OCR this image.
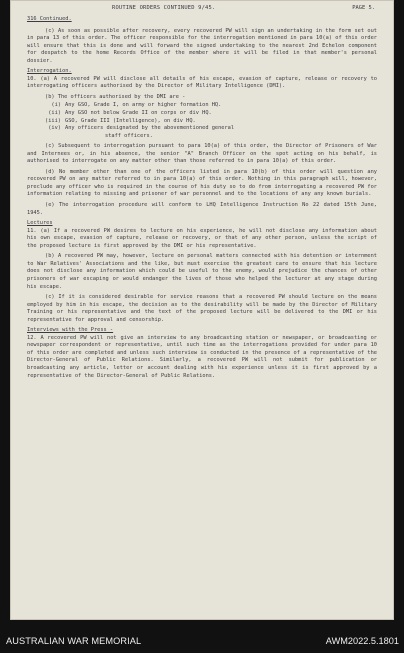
ROUTINE ORDERS CONTINUED 9/45.	PAGE 5.
316 Continued.

(c) As soon as possible after recovery, every recovered PW will sign an undertaking in the form set out in para 13 of this order. The officer responsible for the interrogation mentioned in para 10(a) of this order will ensure that this is done and will forward the signed undertaking to the nearest 2nd Echelon component for despatch to the home Records Office of the member where it will be filed in that member's personal dossier.

Interrogation.

10. (a) A recovered PW will disclose all details of his escape, evasion of capture, release or recovery to interrogating officers authorised by the Director of Military Intelligence (DMI).

(b) The officers authorised by the DMI are -

(i) Any GSO, Grade I, on army or higher formation HQ.
(ii) Any GSO not below Grade II on corps or div HQ.
(iii) GSO, Grade III (Intelligence), on div HQ.
(iv) Any officers designated by the abovementioned general
staff officers.

(c) Subsequent to interrogation pursuant to para 10(a) of this order, the Director of Prisoners of War and Internees or, in his absence, the senior "A" Branch Officer on the spot acting on his behalf, is authorised to interrogate on any matter other than those referred to in para 10(a) of this order.

(d) No member other than one of the officers listed in para 10(b) of this order will question any recovered PW on any matter referred to in para 10(a) of this order. Nothing in this paragraph will, however, preclude any officer who is required in the course of his duty so to do from interrogating a recovered PW for information relating to missing and prisoner of war personnel and to the locations of any any known burials.

(e) The interrogation procedure will conform to LHQ Intelligence Instruction No 22 dated 15th June, 1945.

Lectures

11. (a) If a recovered PW desires to lecture on his experience, he will not disclose any information about his own escape, evasion of capture, release or recovery, or that of any other person, unless the script of the proposed lecture is first approved by the DMI or his representative.

(b) A recovered PW may, however, lecture on personal matters connected with his detention or internment to War Relatives' Associations and the like, but must exercise the greatest care to ensure that his lecture does not disclose any information which could be useful to the enemy, would prejudice the chances of other prisoners of war escaping or would endanger the lives of those who helped the lecturer at any stage during his escape.

(c) If it is considered desirable for service reasons that a recovered PW should lecture on the means employed by him in his escape, the decision as to the desirability will be made by the Director of Military Training or his representative and the text of the proposed lecture will be delivered to the DMI or his representative for approval and censorship.

Interviews with the Press -

12. A recovered PW will not give an interview to any broadcasting station or newspaper, or broadcasting or newspaper correspondent or representative, until such time as the interrogations provided for under para 10 of this order are completed and unless such interview is conducted in the presence of a representative of the Director-General of Public Relations. Similarly, a recovered PW will not submit for publication or broadcasting any article, letter or account dealing with his experience unless it is first approved by a representative of the Director-General of Public Relations.

AUSTRALIAN WAR MEMORIAL	AWM2022.5.1801
